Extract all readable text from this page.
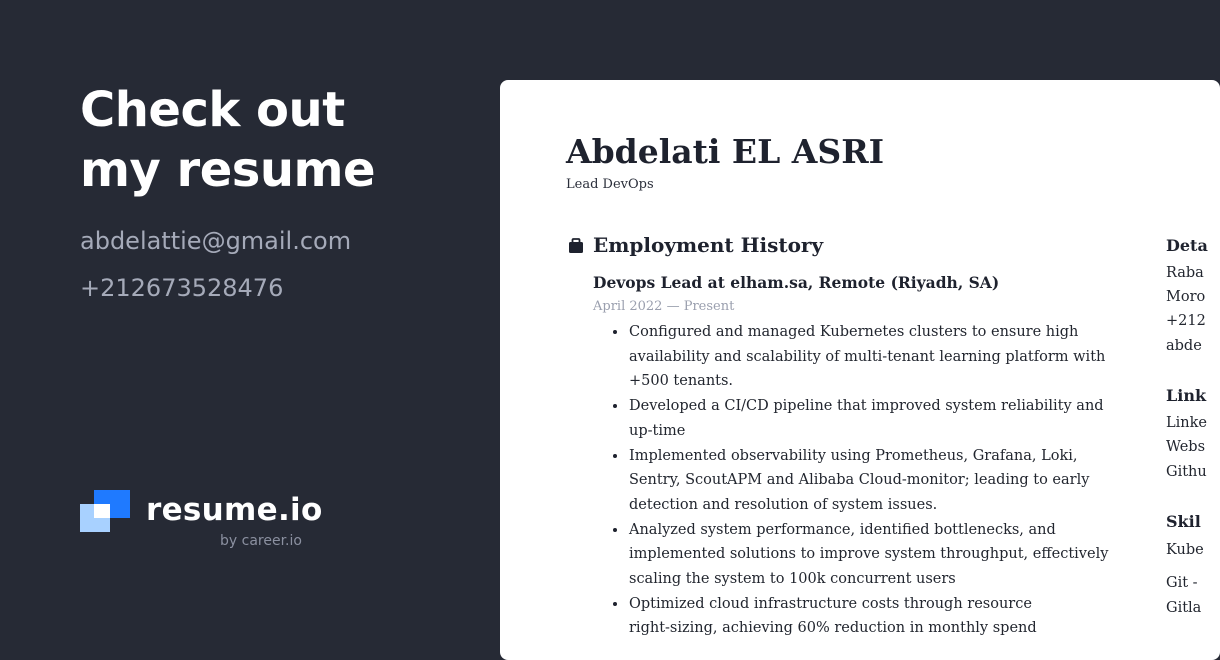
Check out
my resume
abdelattie@gmail.com
+212673528476
resume.io
by career.io
Abdelati EL ASRI
Lead DevOps
Employment History
Devops Lead at elham.sa, Remote (Riyadh, SA)
April 2022 — Present
Configured and managed Kubernetes clusters to ensure high
availability and scalability of multi-tenant learning platform with
+500 tenants.
Developed a CI/CD pipeline that improved system reliability and
up-time
Implemented observability using Prometheus, Grafana, Loki,
Sentry, ScoutAPM and Alibaba Cloud-monitor; leading to early
detection and resolution of system issues.
Analyzed system performance, identified bottlenecks, and
implemented solutions to improve system throughput, effectively
scaling the system to 100k concurrent users
Optimized cloud infrastructure costs through resource
right-sizing, achieving 60% reduction in monthly spend
Deta
Raba
Moro
+212
abde
Link
Linke
Webs
Githu
Skil
Kube
Git -
Gitla
